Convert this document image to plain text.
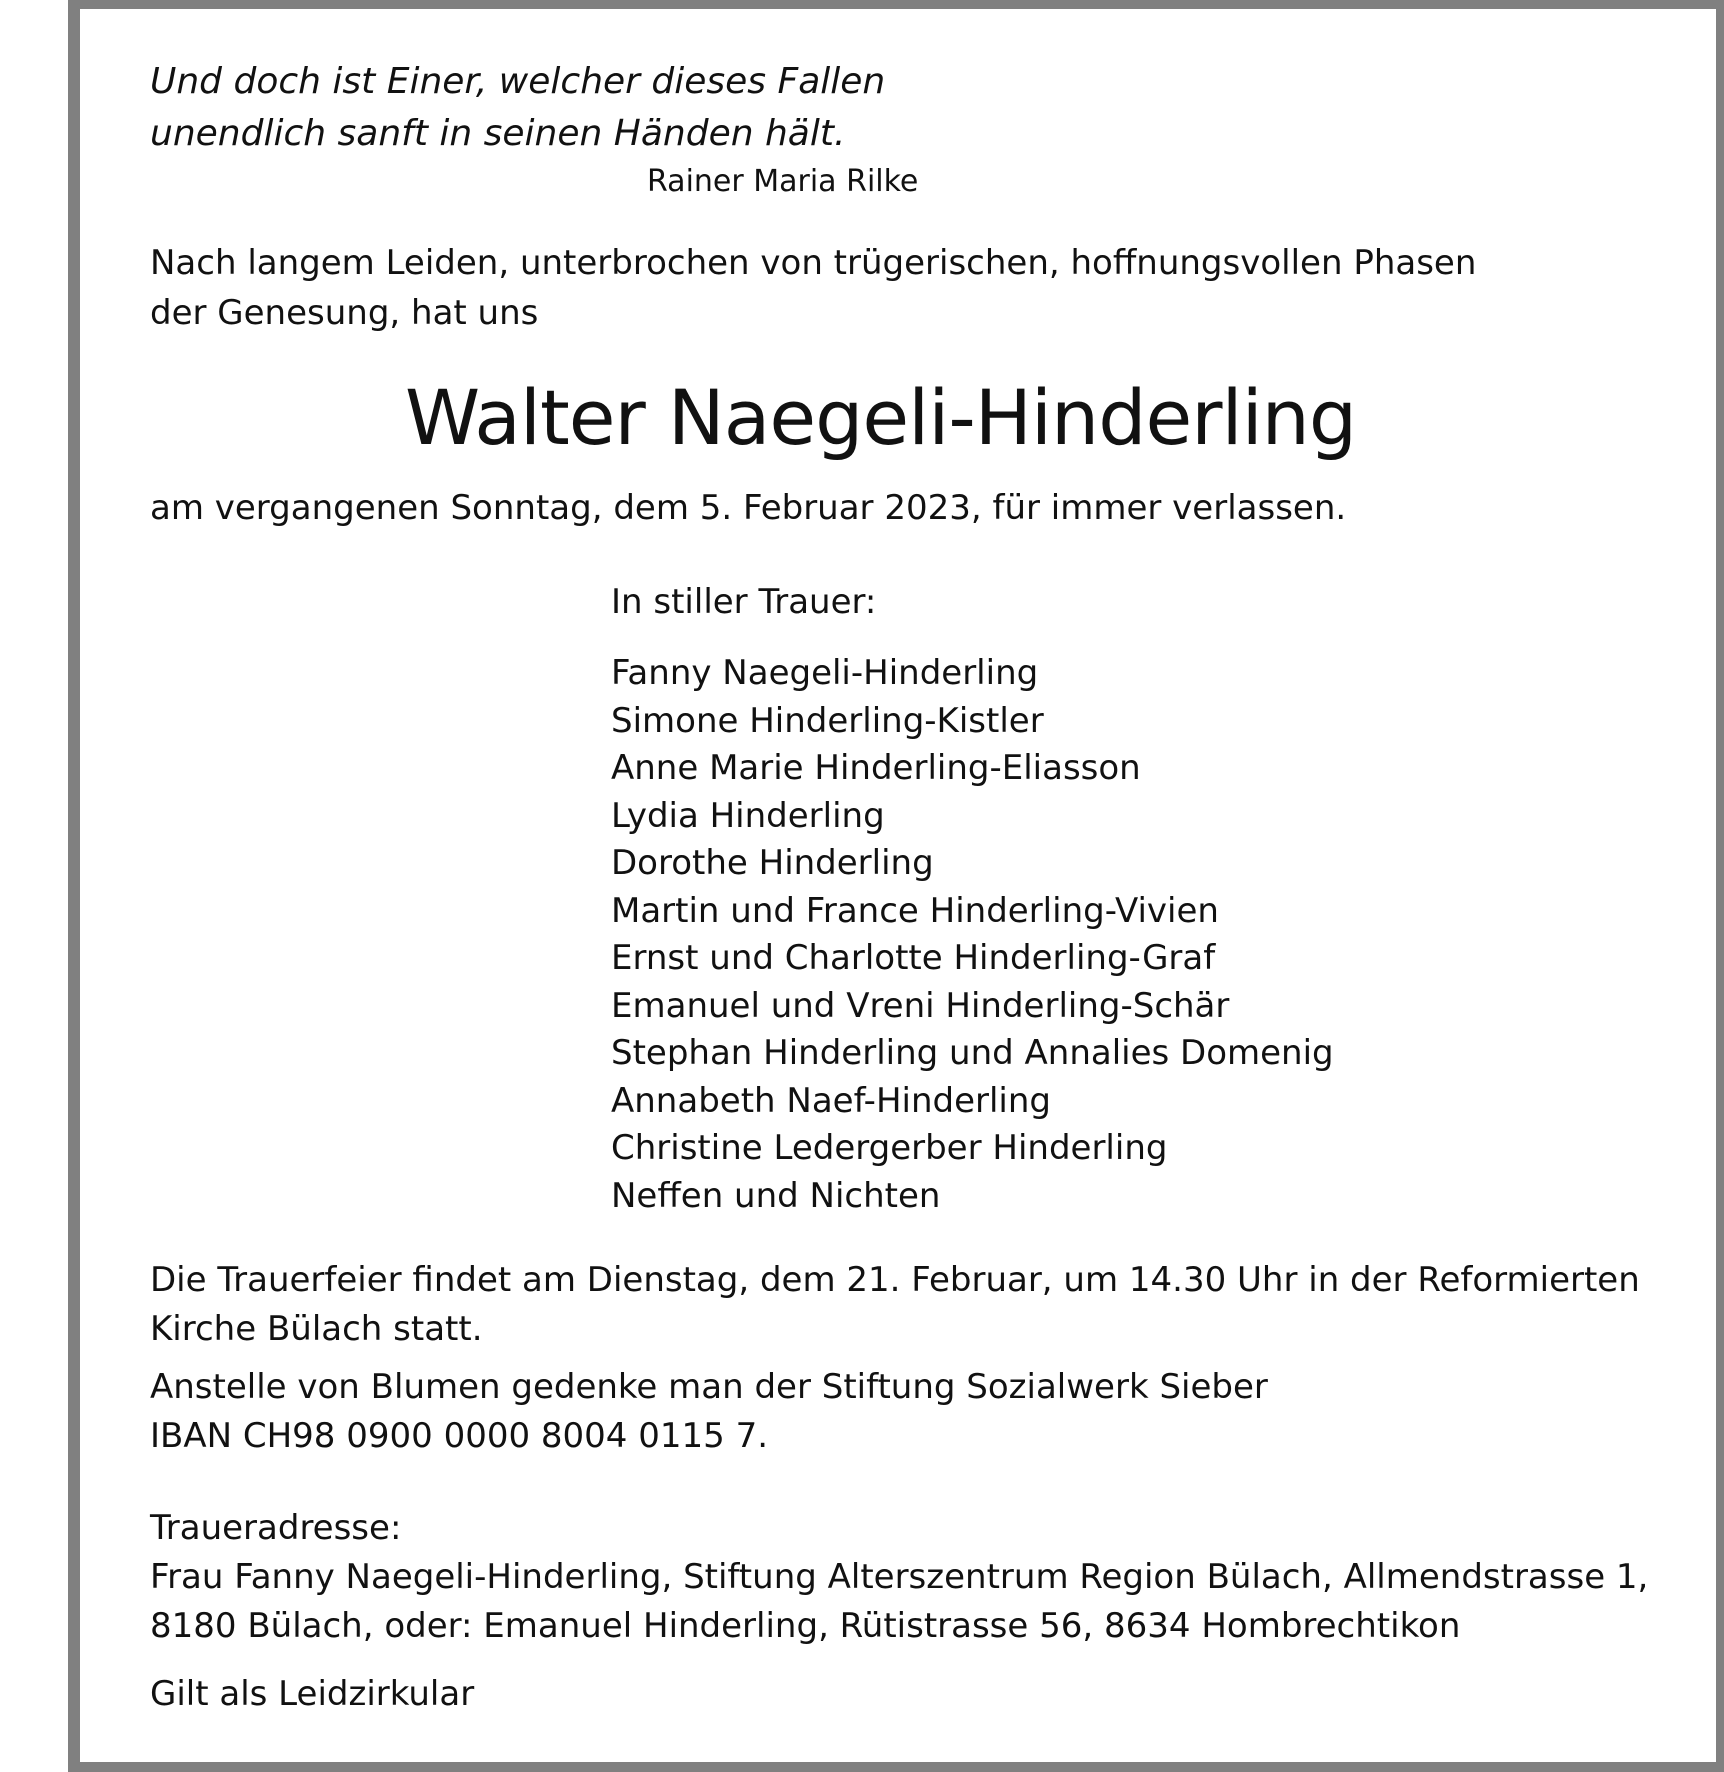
Und doch ist Einer, welcher dieses Fallen

unendlich sanft in seinen Händen hält.

Rainer Maria Rilke

Nach langem Leiden, unterbrochen von trügerischen, hoffnungsvollen Phasen

der Genesung, hat uns

Walter Naegeli-Hinderling

am vergangenen Sonntag, dem 5. Februar 2023, für immer verlassen.

In stiller Trauer:

Fanny Naegeli-Hinderling
Simone Hinderling-Kistler
Anne Marie Hinderling-Eliasson
Lydia Hinderling
Dorothe Hinderling
Martin und France Hinderling-Vivien
Ernst und Charlotte Hinderling-Graf
Emanuel und Vreni Hinderling-Schär
Stephan Hinderling und Annalies Domenig
Annabeth Naef-Hinderling
Christine Ledergerber Hinderling
Neffen und Nichten

Die Trauerfeier findet am Dienstag, dem 21. Februar, um 14.30 Uhr in der Reformierten

Kirche Bülach statt.

Anstelle von Blumen gedenke man der Stiftung Sozialwerk Sieber

IBAN CH98 0900 0000 8004 0115 7.

Traueradresse:

Frau Fanny Naegeli-Hinderling, Stiftung Alterszentrum Region Bülach, Allmendstrasse 1,

8180 Bülach, oder: Emanuel Hinderling, Rütistrasse 56, 8634 Hombrechtikon

Gilt als Leidzirkular
